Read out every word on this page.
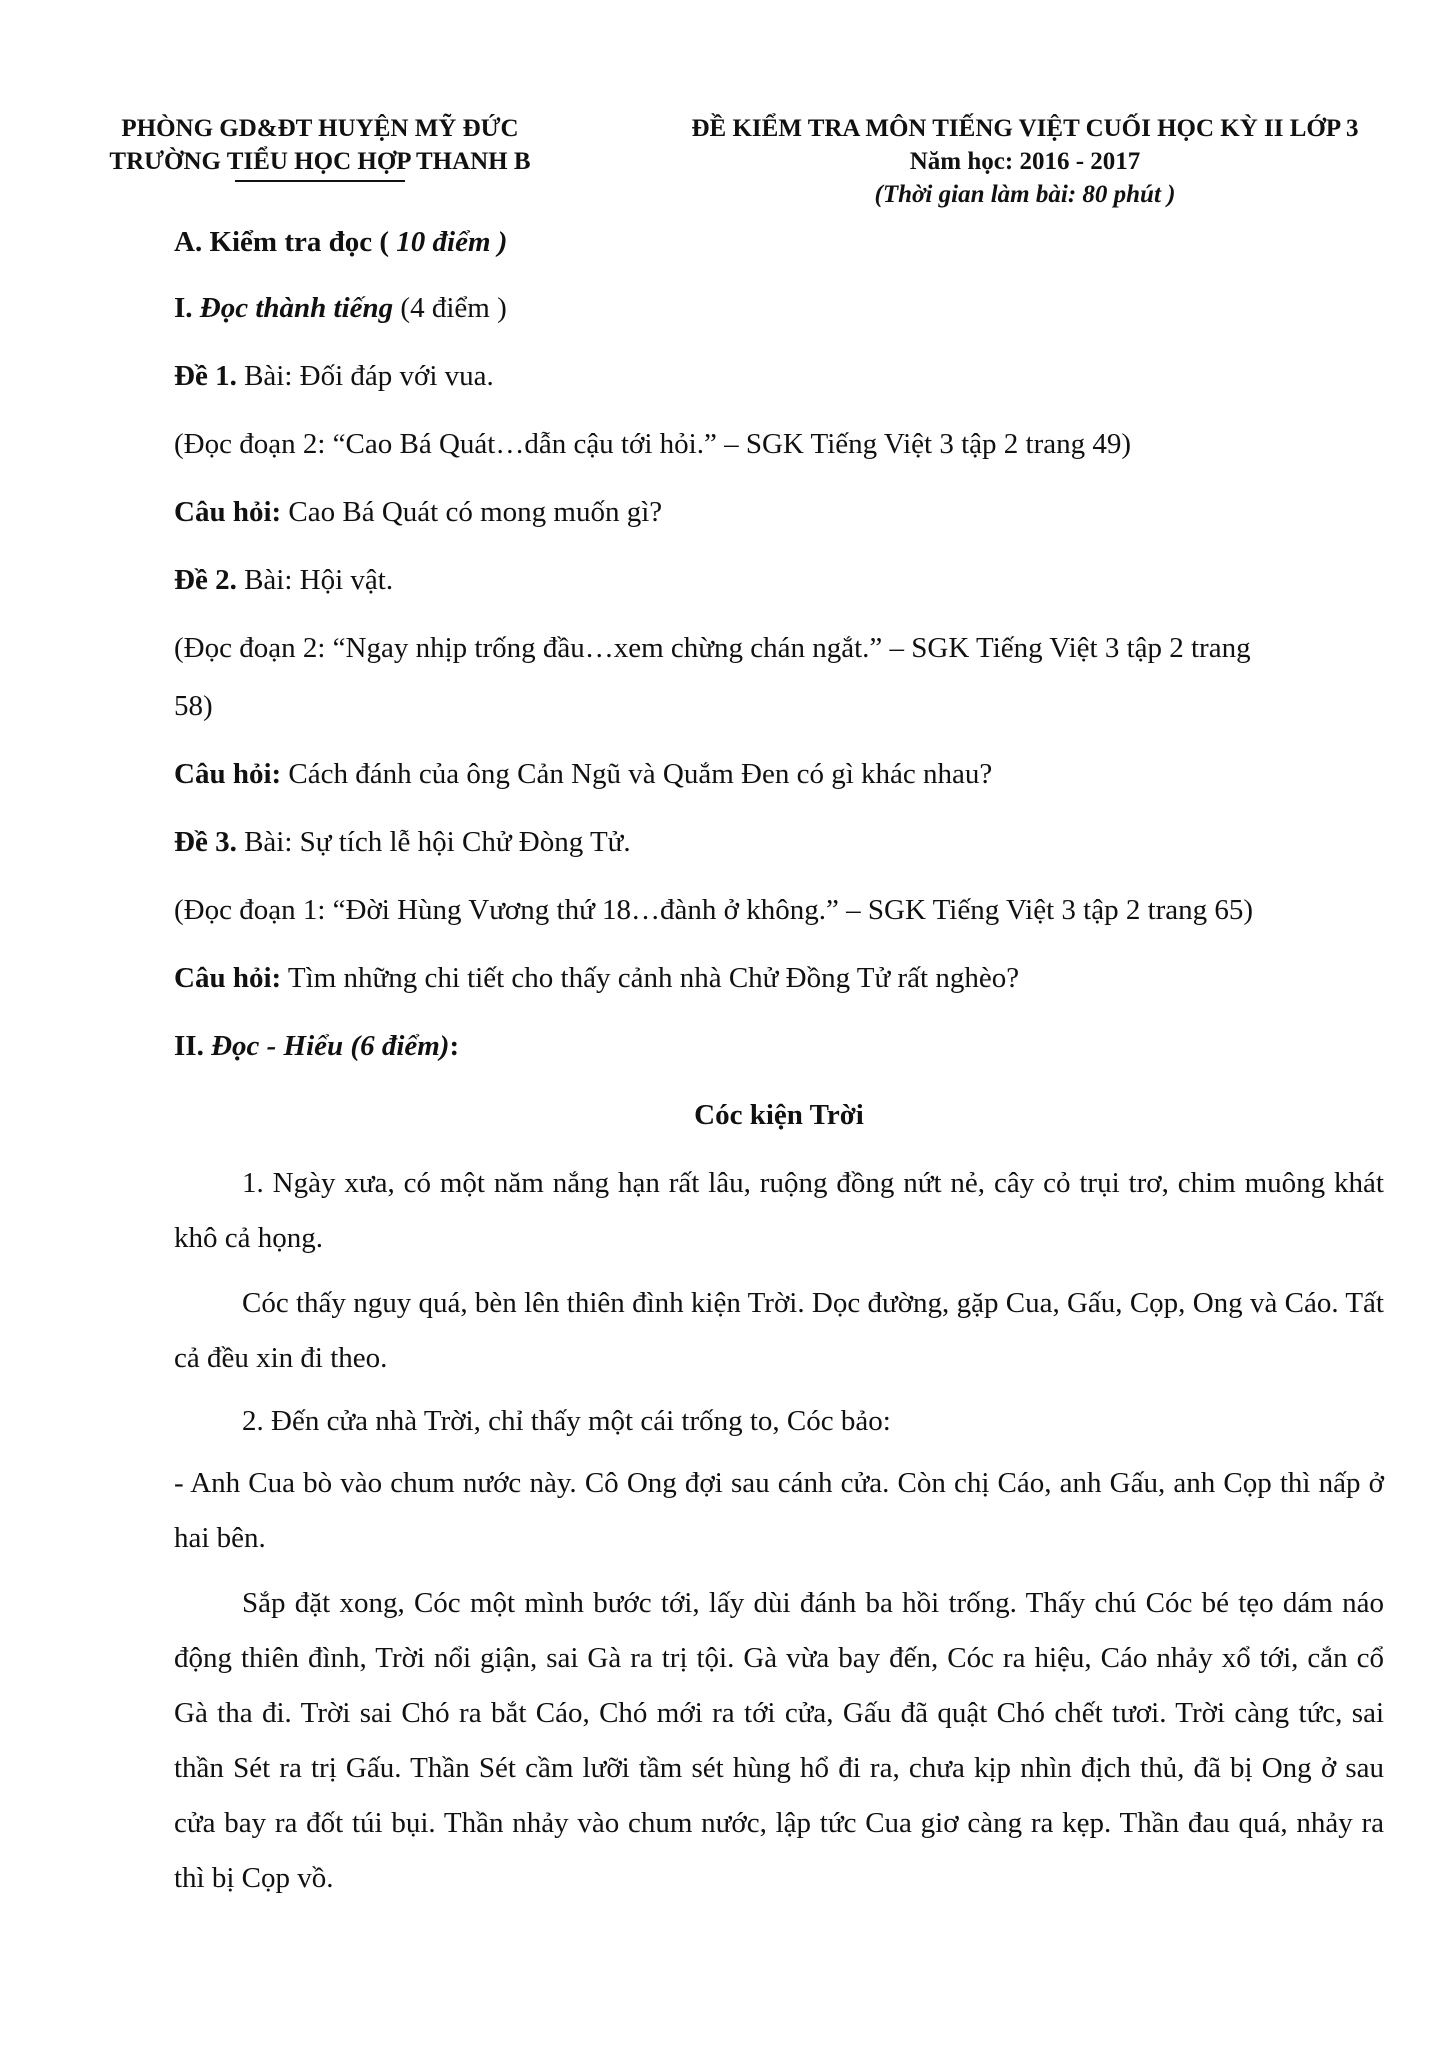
PHÒNG GD&ĐT HUYỆN MỸ ĐỨC
TRƯỜNG TIỂU HỌC HỢP THANH B
ĐỀ KIỂM TRA MÔN TIẾNG VIỆT CUỐI HỌC KỲ II LỚP 3
Năm học: 2016 - 2017
(Thời gian làm bài: 80 phút )
A. Kiểm tra đọc ( 10 điểm )
I. Đọc thành tiếng (4 điểm )
Đề 1. Bài: Đối đáp với vua.
(Đọc đoạn 2: “Cao Bá Quát…dẫn cậu tới hỏi.” – SGK Tiếng Việt 3 tập 2 trang 49)
Câu hỏi: Cao Bá Quát có mong muốn gì?
Đề 2. Bài: Hội vật.
(Đọc đoạn 2: “Ngay nhịp trống đầu…xem chừng chán ngắt.” – SGK Tiếng Việt 3 tập 2 trang
58)
Câu hỏi: Cách đánh của ông Cản Ngũ và Quắm Đen có gì khác nhau?
Đề 3. Bài: Sự tích lễ hội Chử Đòng Tử.
(Đọc đoạn 1: “Đời Hùng Vương thứ 18…đành ở không.” – SGK Tiếng Việt 3 tập 2 trang 65)
Câu hỏi: Tìm những chi tiết cho thấy cảnh nhà Chử Đồng Tử rất nghèo?
II. Đọc - Hiểu (6 điểm):
Cóc kiện Trời
1. Ngày xưa, có một năm nắng hạn rất lâu, ruộng đồng nứt nẻ, cây cỏ trụi trơ, chim muông khát khô cả họng.
Cóc thấy nguy quá, bèn lên thiên đình kiện Trời. Dọc đường, gặp Cua, Gấu, Cọp, Ong và Cáo. Tất cả đều xin đi theo.
2. Đến cửa nhà Trời, chỉ thấy một cái trống to, Cóc bảo:
- Anh Cua bò vào chum nước này. Cô Ong đợi sau cánh cửa. Còn chị Cáo, anh Gấu, anh Cọp thì nấp ở hai bên.
Sắp đặt xong, Cóc một mình bước tới, lấy dùi đánh ba hồi trống. Thấy chú Cóc bé tẹo dám náo động thiên đình, Trời nổi giận, sai Gà ra trị tội. Gà vừa bay đến, Cóc ra hiệu, Cáo nhảy xổ tới, cắn cổ Gà tha đi. Trời sai Chó ra bắt Cáo, Chó mới ra tới cửa, Gấu đã quật Chó chết tươi. Trời càng tức, sai thần Sét ra trị Gấu. Thần Sét cầm lưỡi tầm sét hùng hổ đi ra, chưa kịp nhìn địch thủ, đã bị Ong ở sau cửa bay ra đốt túi bụi. Thần nhảy vào chum nước, lập tức Cua giơ càng ra kẹp. Thần đau quá, nhảy ra thì bị Cọp vồ.
